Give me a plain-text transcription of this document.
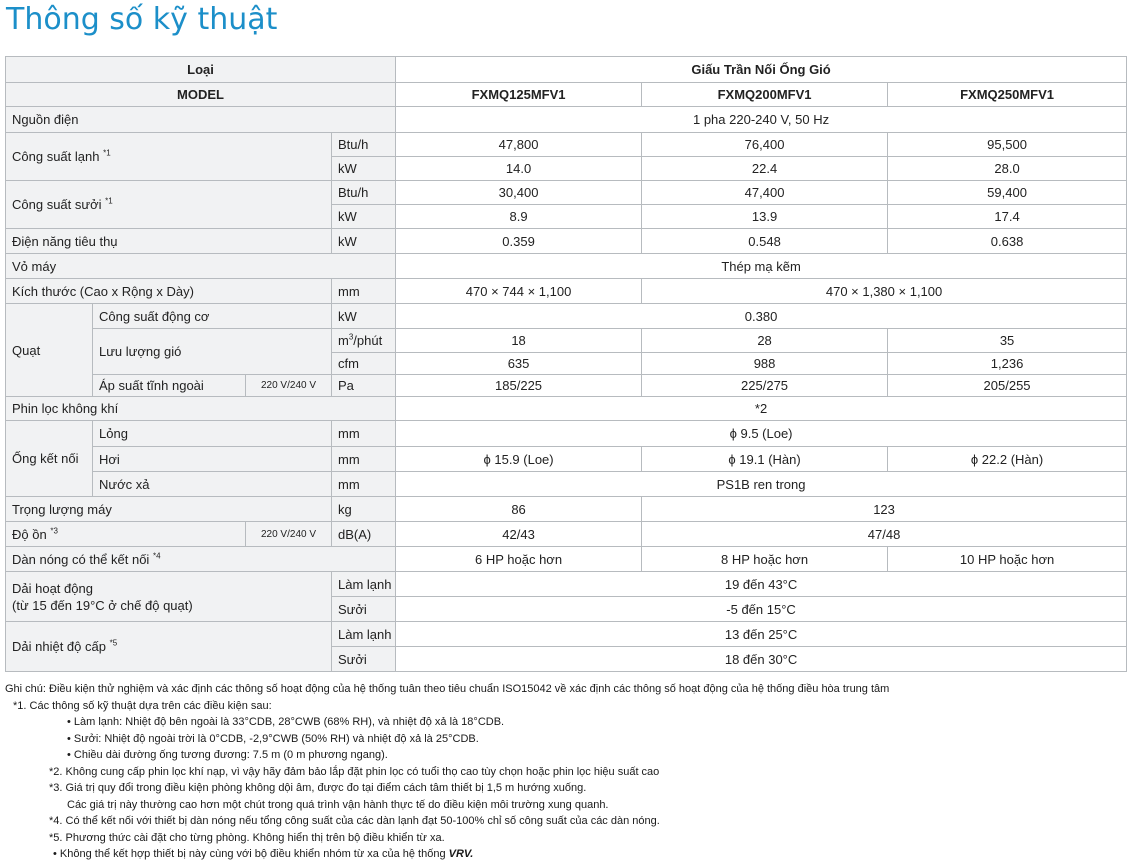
Thông số kỹ thuật
Loại				Giấu Trần Nối Ống Gió		
MODEL				FXMQ125MFV1	FXMQ200MFV1	FXMQ250MFV1
Nguồn điện				1 pha 220-240 V, 50 Hz		
Công suất lạnh $^{*1}$			Btu/h	47,800	76,400	95,500
			kW	14.0	22.4	28.0
Công suất sưởi $^{*1}$			Btu/h	30,400	47,400	59,400
			kW	8.9	13.9	17.4
Điện năng tiêu thụ			kW	0.359	0.548	0.638
Vỏ máy				Thép mạ kẽm		
Kích thước (Cao x Rộng x Dày)			mm	470 × 744 × 1,100	470 × 1,380 × 1,100	
Quạt	Công suất động cơ		kW	0.380		
	Lưu lượng gió		$m^3$/phút	18	28	35
			cfm	635	988	1,236
	Áp suất tĩnh ngoài	220 V/240 V	Pa	185/225	225/275	205/255
Phin lọc không khí				*2		
Ống kết nối	Lỏng		mm	ϕ 9.5 (Loe)		
	Hơi		mm	ϕ 15.9 (Loe)	ϕ 19.1 (Hàn)	ϕ 22.2 (Hàn)
	Nước xả		mm	PS1B ren trong		
Trọng lượng máy			kg	86	123	
Độ ồn $^{*3}$		220 V/240 V	dB(A)	42/43	47/48	
Dàn nóng có thể kết nối $^{*4}$				6 HP hoặc hơn	8 HP hoặc hơn	10 HP hoặc hơn

Dải hoạt động
(từ 15 đến 19°C ở chế độ quạt)			Làm lạnh	19 đến 43°C		
			Sưởi	-5 đến 15°C		
Dải nhiệt độ cấp $^{*5}$			Làm lạnh	13 đến 25°C		
			Sưởi	18 đến 30°C		
Ghi chú: Điều kiện thử nghiệm và xác định các thông số hoạt động của hệ thống tuân theo tiêu chuẩn ISO15042 về xác định các thông số hoạt động của hệ thống điều hòa trung tâm
*1. Các thông số kỹ thuật dựa trên các điều kiện sau:
• Làm lạnh: Nhiệt độ bên ngoài là 33°CDB, 28°CWB (68% RH), và nhiệt độ xả là 18°CDB.
• Sưởi: Nhiệt độ ngoài trời là 0°CDB, -2,9°CWB (50% RH) và nhiệt độ xả là 25°CDB.
• Chiều dài đường ống tương đương: 7.5 m (0 m phương ngang).
*2. Không cung cấp phin lọc khí nạp, vì vậy hãy đảm bảo lắp đặt phin lọc có tuổi thọ cao tùy chọn hoặc phin lọc hiệu suất cao
*3. Giá trị quy đổi trong điều kiện phòng không dội âm, được đo tại điểm cách tâm thiết bị 1,5 m hướng xuống.
Các giá trị này thường cao hơn một chút trong quá trình vận hành thực tế do điều kiện môi trường xung quanh.
*4. Có thể kết nối với thiết bị dàn nóng nếu tổng công suất của các dàn lạnh đạt 50-100% chỉ số công suất của các dàn nóng.
*5. Phương thức cài đặt cho từng phòng. Không hiển thị trên bộ điều khiển từ xa.
• Không thể kết hợp thiết bị này cùng với bộ điều khiển nhóm từ xa của hệ thống VRV.
